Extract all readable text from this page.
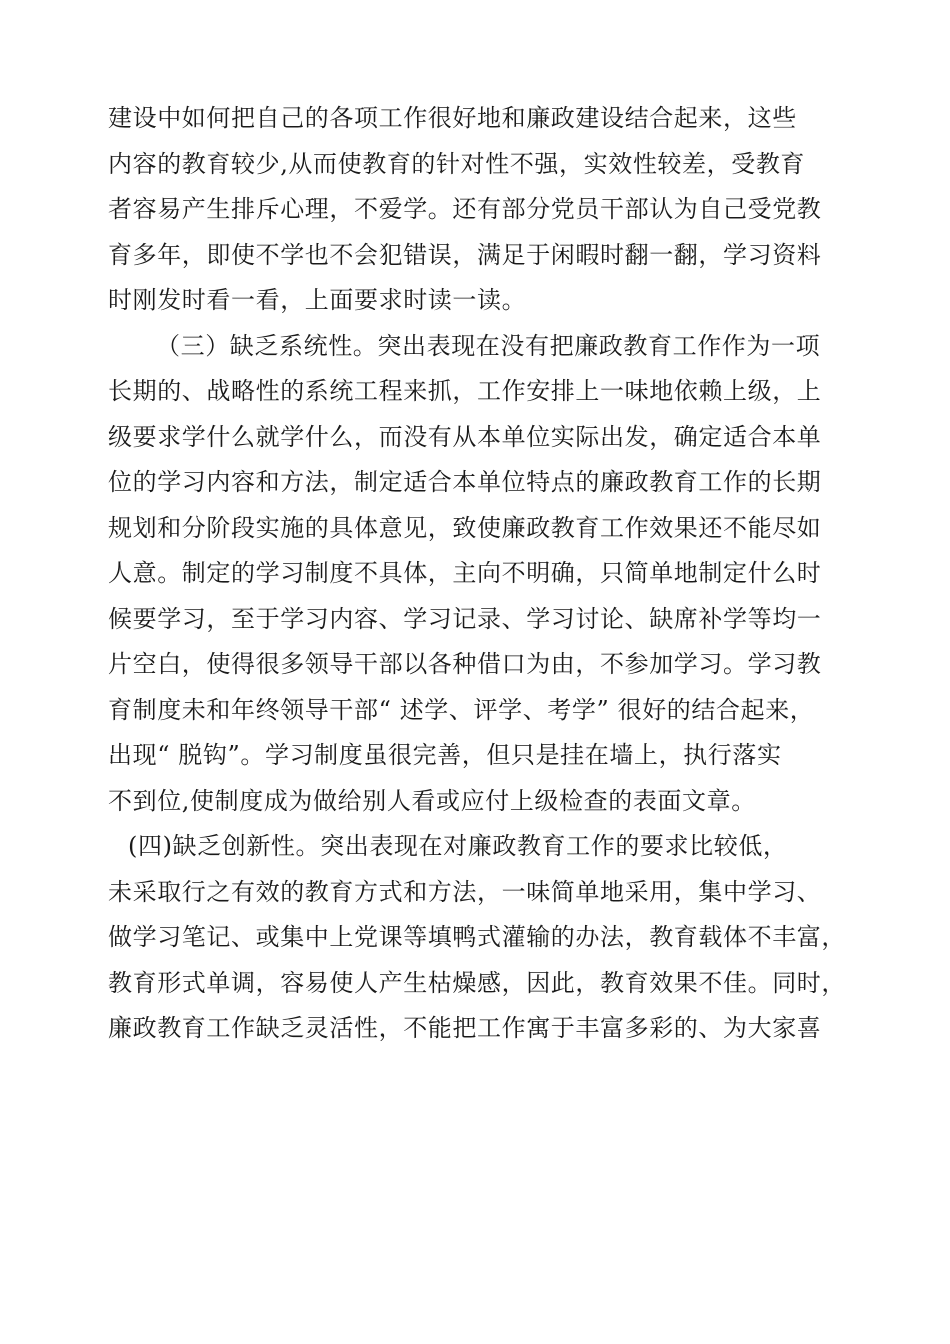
建设中如何把自己的各项工作很好地和廉政建设结合起来，这些
内容的教育较少,从而使教育的针对性不强，实效性较差，受教育
者容易产生排斥心理，不爱学。还有部分党员干部认为自己受党教
育多年，即使不学也不会犯错误，满足于闲暇时翻一翻，学习资料
时刚发时看一看，上面要求时读一读。
（三）缺乏系统性。突出表现在没有把廉政教育工作作为一项
长期的、战略性的系统工程来抓，工作安排上一味地依赖上级，上
级要求学什么就学什么，而没有从本单位实际出发，确定适合本单
位的学习内容和方法，制定适合本单位特点的廉政教育工作的长期
规划和分阶段实施的具体意见，致使廉政教育工作效果还不能尽如
人意。制定的学习制度不具体，主向不明确，只简单地制定什么时
候要学习，至于学习内容、学习记录、学习讨论、缺席补学等均一
片空白，使得很多领导干部以各种借口为由，不参加学习。学习教
育制度未和年终领导干部“ 述学、评学、考学” 很好的结合起来，
出现“ 脱钩”。学习制度虽很完善，但只是挂在墙上，执行落实
不到位,使制度成为做给别人看或应付上级检查的表面文章。
(四)缺乏创新性。突出表现在对廉政教育工作的要求比较低，
未采取行之有效的教育方式和方法，一味简单地采用，集中学习、
做学习笔记、或集中上党课等填鸭式灌输的办法，教育载体不丰富，
教育形式单调，容易使人产生枯燥感，因此，教育效果不佳。同时，
廉政教育工作缺乏灵活性，不能把工作寓于丰富多彩的、为大家喜
